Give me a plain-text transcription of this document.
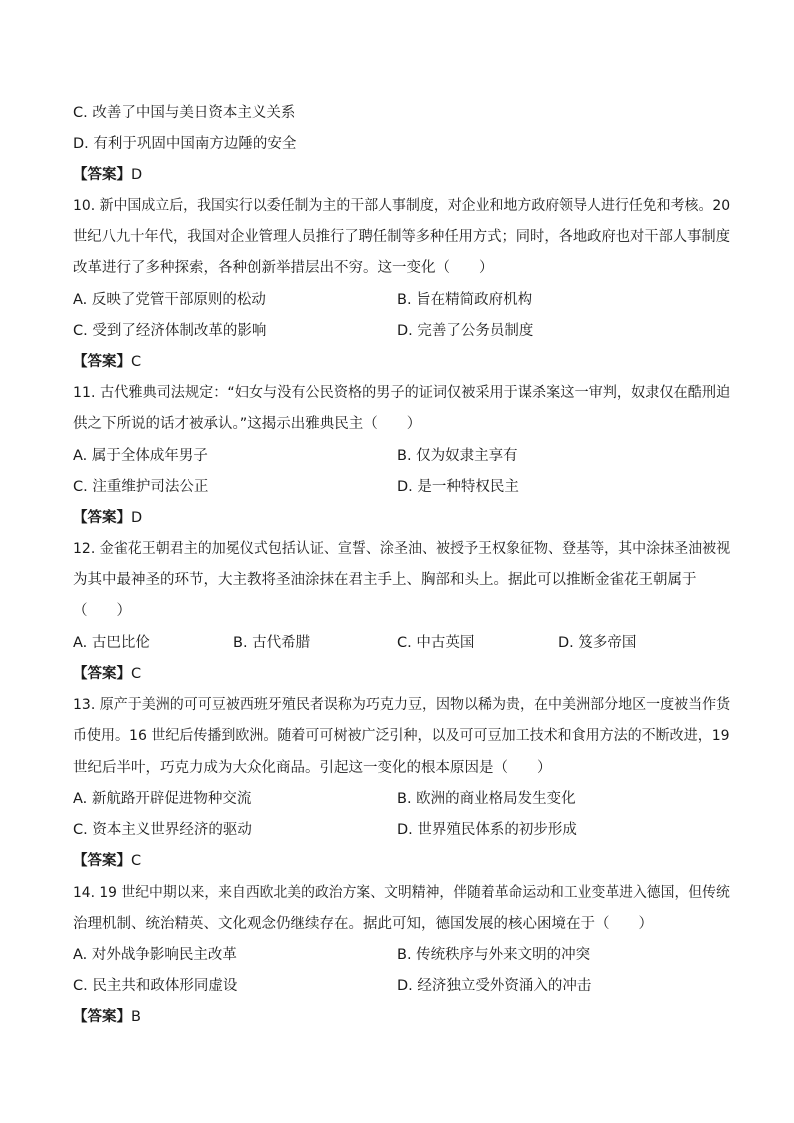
C. 改善了中国与美日资本主义关系
D. 有利于巩固中国南方边陲的安全
【答案】D
10. 新中国成立后，我国实行以委任制为主的干部人事制度，对企业和地方政府领导人进行任免和考核。20
世纪八九十年代，我国对企业管理人员推行了聘任制等多种任用方式；同时，各地政府也对干部人事制度
改革进行了多种探索，各种创新举措层出不穷。这一变化（　　）
A. 反映了党管干部原则的松动	B. 旨在精简政府机构
C. 受到了经济体制改革的影响	D. 完善了公务员制度
【答案】C
11. 古代雅典司法规定：“妇女与没有公民资格的男子的证词仅被采用于谋杀案这一审判，奴隶仅在酷刑迫
供之下所说的话才被承认。”这揭示出雅典民主（　　）
A. 属于全体成年男子	B. 仅为奴隶主享有
C. 注重维护司法公正	D. 是一种特权民主
【答案】D
12. 金雀花王朝君主的加冕仪式包括认证、宣誓、涂圣油、被授予王权象征物、登基等，其中涂抹圣油被视
为其中最神圣的环节，大主教将圣油涂抹在君主手上、胸部和头上。据此可以推断金雀花王朝属于
（　　）
A. 古巴比伦	B. 古代希腊	C. 中古英国	D. 笈多帝国
【答案】C
13. 原产于美洲的可可豆被西班牙殖民者误称为巧克力豆，因物以稀为贵，在中美洲部分地区一度被当作货
币使用。16 世纪后传播到欧洲。随着可可树被广泛引种，以及可可豆加工技术和食用方法的不断改进，19
世纪后半叶，巧克力成为大众化商品。引起这一变化的根本原因是（　　）
A. 新航路开辟促进物种交流	B. 欧洲的商业格局发生变化
C. 资本主义世界经济的驱动	D. 世界殖民体系的初步形成
【答案】C
14. 19 世纪中期以来，来自西欧北美的政治方案、文明精神，伴随着革命运动和工业变革进入德国，但传统
治理机制、统治精英、文化观念仍继续存在。据此可知，德国发展的核心困境在于（　　）
A. 对外战争影响民主改革	B. 传统秩序与外来文明的冲突
C. 民主共和政体形同虚设	D. 经济独立受外资涌入的冲击
【答案】B
